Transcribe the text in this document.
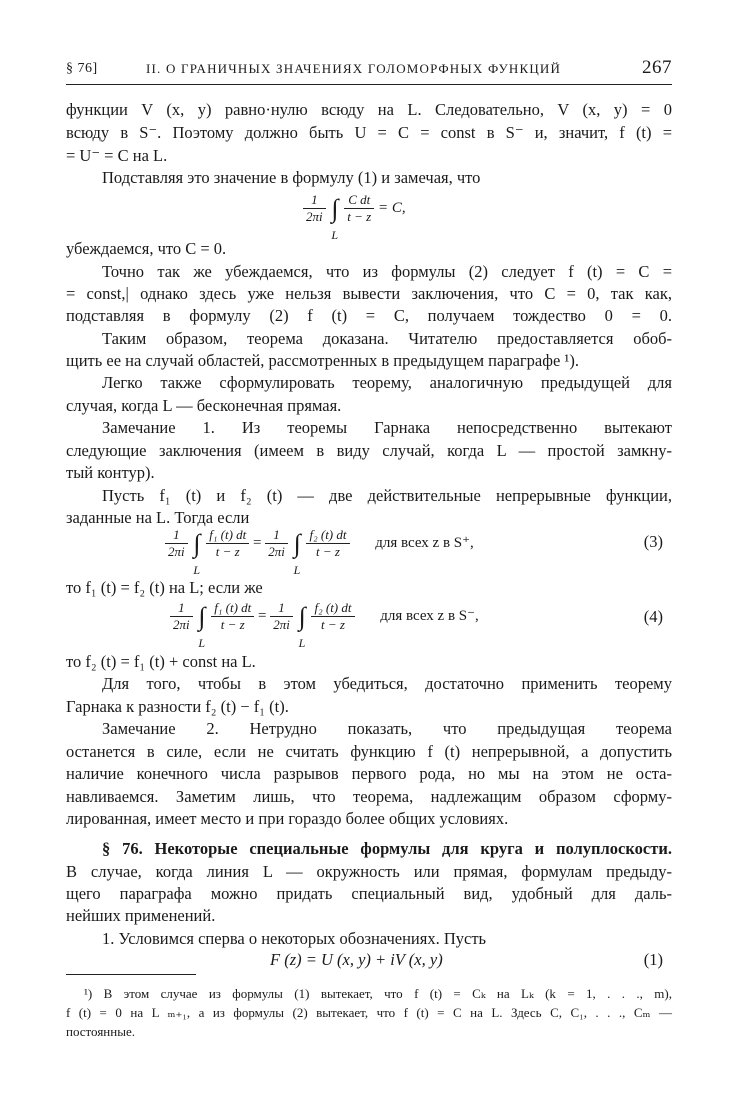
§ 76]	II. О ГРАНИЧНЫХ ЗНАЧЕНИЯХ ГОЛОМОРФНЫХ ФУНКЦИЙ	267
функции V (x, y) равно·нулю всюду на L. Следовательно, V (x, y) = 0
всюду в S⁻. Поэтому должно быть U = C = const в S⁻ и, значит, f (t) =
= U⁻ = C на L.
Подставляя это значение в формулу (1) и замечая, что
$\frac{1}{2\pi i}$ ∫
L

$\frac{\text{C dt}}{t - z} = C$,
убеждаемся, что C = 0.
Точно так же убеждаемся, что из формулы (2) следует f (t) = C =
= const,| однако здесь уже нельзя вывести заключения, что C = 0, так как,
подставляя в формулу (2) f (t) = C, получаем тождество 0 = 0.
Таким образом, теорема доказана. Читателю предоставляется обоб-
щить ее на случай областей, рассмотренных в предыдущем параграфе ¹).
Легко также сформулировать теорему, аналогичную предыдущей для
случая, когда L — бесконечная прямая.
Замечание 1. Из теоремы Гарнака непосредственно вытекают
следующие заключения (имеем в виду случай, когда L — простой замкну-
тый контур).
Пусть f₁ (t) и f₂ (t) — две действительные непрерывные функции,
заданные на L. Тогда если
$\frac{1}{2\pi i}$ ∫
L

$\frac{\text{f₁ (t) dt}}{t - z} = \frac{1}{2\pi i}$ ∫
L

$\frac{\text{f₂ (t) dt}}{t - z}$ для всех z в S⁺,	(3)
то f₁ (t) = f₂ (t) на L; если же
$\frac{1}{2\pi i}$ ∫
L

$\frac{\text{f₁ (t) dt}}{t - z} = \frac{1}{2\pi i}$ ∫
L

$\frac{\text{f₂ (t) dt}}{t - z}$ для всех z в S⁻,	(4)
то f₂ (t) = f₁ (t) + const на L.
Для того, чтобы в этом убедиться, достаточно применить теорему
Гарнака к разности f₂ (t) − f₁ (t).
Замечание 2. Нетрудно показать, что предыдущая теорема
останется в силе, если не считать функцию f (t) непрерывной, а допустить
наличие конечного числа разрывов первого рода, но мы на этом не оста-
навливаемся. Заметим лишь, что теорема, надлежащим образом сформу-
лированная, имеет место и при гораздо более общих условиях.
§ 76. Некоторые специальные формулы для круга и полуплоскости.
В случае, когда линия L — окружность или прямая, формулам предыду-
щего параграфа можно придать специальный вид, удобный для даль-
нейших применений.
1. Условимся сперва о некоторых обозначениях. Пусть
F (z) = U (x, y) + iV (x, y)	(1)
¹) В этом случае из формулы (1) вытекает, что f (t) = Cₖ на Lₖ (k = 1, . . ., m),
f (t) = 0 на L ₘ₊₁, а из формулы (2) вытекает, что f (t) = C на L. Здесь C, C₁, . . ., Cₘ —
постоянные.
